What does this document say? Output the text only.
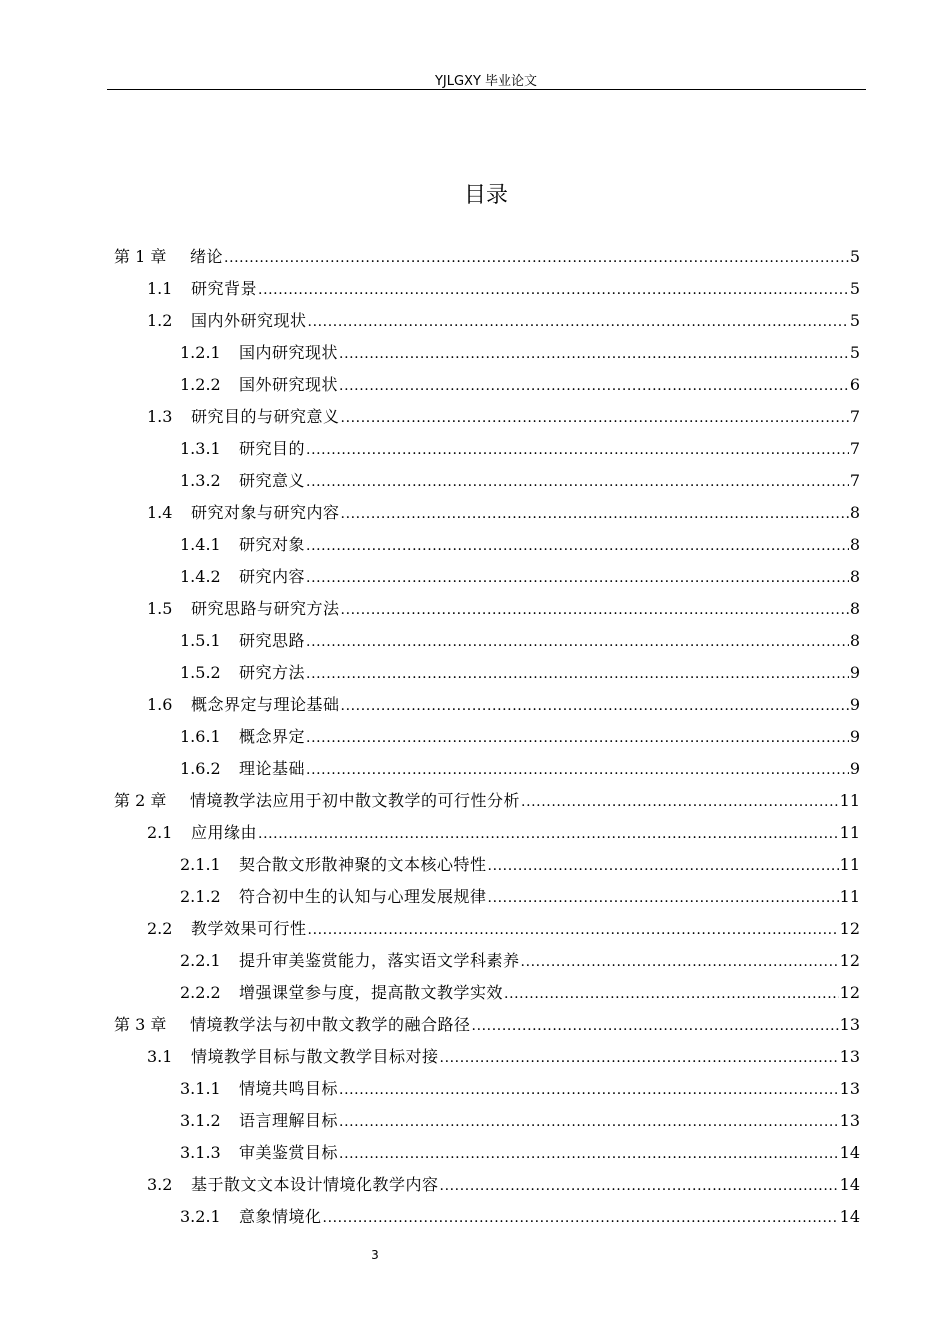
YJLGXY 毕业论文
目录
第 1 章	绪论 .....	5
1.1	研究背景 .....	5
1.2	国内外研究现状 .....	5
1.2.1	国内研究现状 .....	5
1.2.2	国外研究现状 .....	6
1.3	研究目的与研究意义 .....	7
1.3.1	研究目的 .....	7
1.3.2	研究意义 .....	7
1.4	研究对象与研究内容 .....	8
1.4.1	研究对象 .....	8
1.4.2	研究内容 .....	8
1.5	研究思路与研究方法 .....	8
1.5.1	研究思路 .....	8
1.5.2	研究方法 .....	9
1.6	概念界定与理论基础 .....	9
1.6.1	概念界定 .....	9
1.6.2	理论基础 .....	9
第 2 章	情境教学法应用于初中散文教学的可行性分析 .....	11
2.1	应用缘由 .....	11
2.1.1	契合散文形散神聚的文本核心特性 .....	11
2.1.2	符合初中生的认知与心理发展规律 .....	11
2.2	教学效果可行性 .....	12
2.2.1	提升审美鉴赏能力，落实语文学科素养 .....	12
2.2.2	增强课堂参与度，提高散文教学实效 .....	12
第 3 章	情境教学法与初中散文教学的融合路径 .....	13
3.1	情境教学目标与散文教学目标对接 .....	13
3.1.1	情境共鸣目标 .....	13
3.1.2	语言理解目标 .....	13
3.1.3	审美鉴赏目标 .....	14
3.2	基于散文文本设计情境化教学内容 .....	14
3.2.1	意象情境化 .....	14
3
